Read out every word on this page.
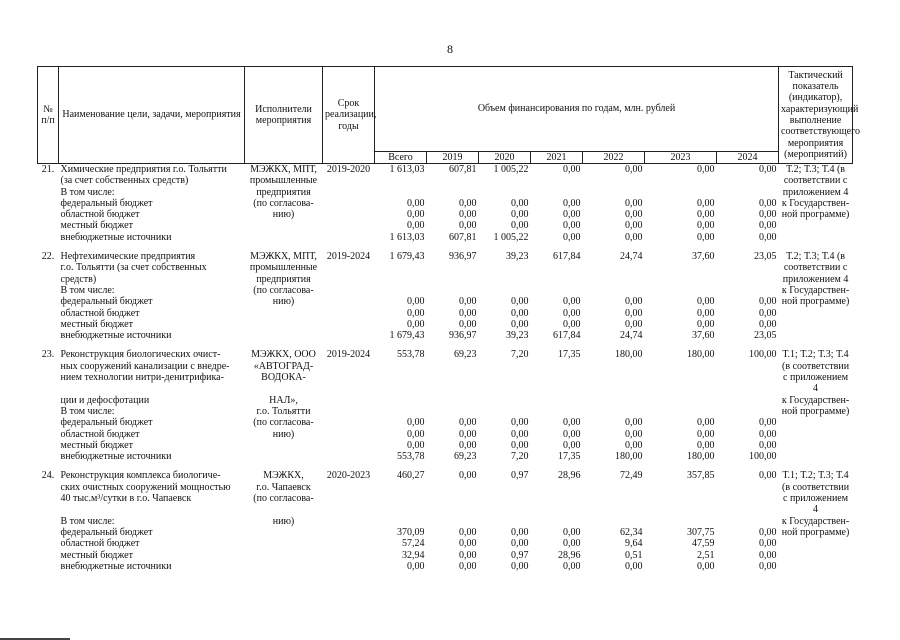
8
№ п/п	Наименование цели, задачи, мероприятия	Исполнители мероприятия	Срок реализации, годы	Объем финансирования по годам, млн. рублей							Тактический показатель (индикатор), характеризующий выполнение соответствующего мероприятия (мероприятий)
				Всего	2019	2020	2021	2022	2023	2024	
21.	Химические предприятия г.о. Тольятти	МЭЖКХ, МПТ,	2019-2020	1 613,03	607,81	1 005,22	0,00	0,00	0,00	0,00	Т.2; Т.3; Т.4 (в
	(за счет собственных средств)	промышленные									соответствии с
	В том числе:	предприятия									приложением 4
	федеральный бюджет	(по согласова-		0,00	0,00	0,00	0,00	0,00	0,00	0,00	к Государствен-
	областной бюджет	нию)		0,00	0,00	0,00	0,00	0,00	0,00	0,00	ной программе)
	местный бюджет			0,00	0,00	0,00	0,00	0,00	0,00	0,00	
	внебюджетные источники			1 613,03	607,81	1 005,22	0,00	0,00	0,00	0,00	

22.	Нефтехимические предприятия	МЭЖКХ, МПТ,	2019-2024	1 679,43	936,97	39,23	617,84	24,74	37,60	23,05	Т.2; Т.3; Т.4 (в
	г.о. Тольятти (за счет собственных	промышленные									соответствии с
	средств)	предприятия									приложением 4
	В том числе:	(по согласова-									к Государствен-
	федеральный бюджет	нию)		0,00	0,00	0,00	0,00	0,00	0,00	0,00	ной программе)
	областной бюджет			0,00	0,00	0,00	0,00	0,00	0,00	0,00	
	местный бюджет			0,00	0,00	0,00	0,00	0,00	0,00	0,00	
	внебюджетные источники			1 679,43	936,97	39,23	617,84	24,74	37,60	23,05	

23.	Реконструкция биологических очист-	МЭЖКХ, ООО	2019-2024	553,78	69,23	7,20	17,35	180,00	180,00	100,00	Т.1; Т.2; Т.3; Т.4
	ных сооружений канализации с внедре-	«АВТОГРАД-									(в соответствии
	нием технологии нитри-денитрифика-	ВОДОКА-									с приложением 4
	ции и дефосфотации	НАЛ»,									к Государствен-
	В том числе:	г.о. Тольятти									ной программе)
	федеральный бюджет	(по согласова-		0,00	0,00	0,00	0,00	0,00	0,00	0,00	
	областной бюджет	нию)		0,00	0,00	0,00	0,00	0,00	0,00	0,00	
	местный бюджет			0,00	0,00	0,00	0,00	0,00	0,00	0,00	
	внебюджетные источники			553,78	69,23	7,20	17,35	180,00	180,00	100,00	

24.	Реконструкция комплекса биологиче-	МЭЖКХ,	2020-2023	460,27	0,00	0,97	28,96	72,49	357,85	0,00	Т.1; Т.2; Т.3; Т.4
	ских очистных сооружений мощностью	г.о. Чапаевск									(в соответствии
	40 тыс.м³/сутки в г.о. Чапаевск	(по согласова-									с приложением 4
	В том числе:	нию)									к Государствен-
	федеральный бюджет			370,09	0,00	0,00	0,00	62,34	307,75	0,00	ной программе)
	областной бюджет			57,24	0,00	0,00	0,00	9,64	47,59	0,00	
	местный бюджет			32,94	0,00	0,97	28,96	0,51	2,51	0,00	
	внебюджетные источники			0,00	0,00	0,00	0,00	0,00	0,00	0,00	
